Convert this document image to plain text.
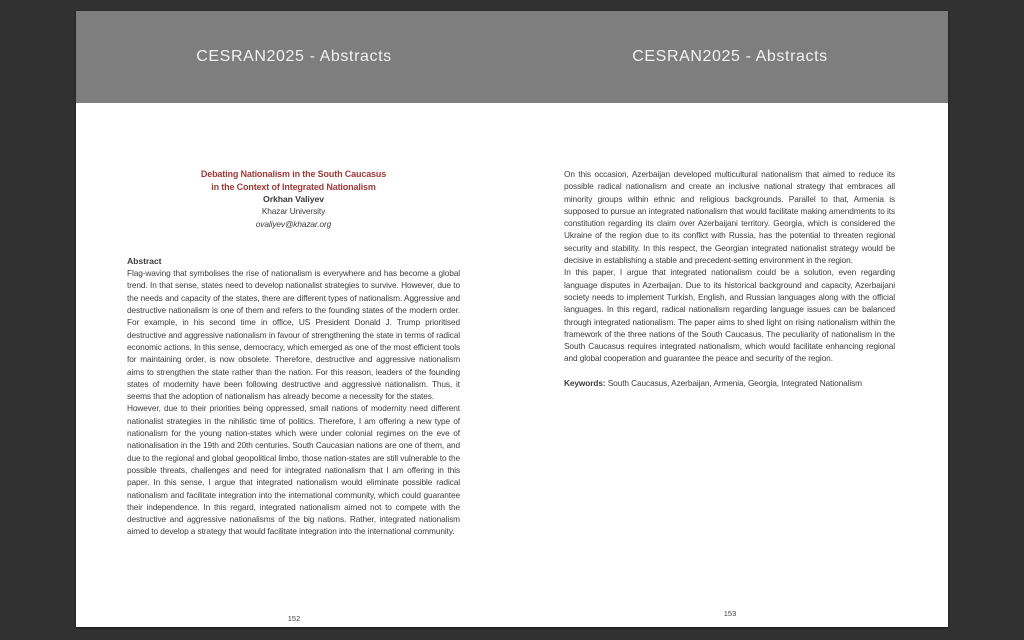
CESRAN2025 - Abstracts	CESRAN2025 - Abstracts
Debating Nationalism in the South Caucasus
in the Context of Integrated Nationalism
Orkhan Valiyev
Khazar University
ovaliyev@khazar.org
Abstract

Flag-waving that symbolises the rise of nationalism is everywhere and has become a global trend. In that sense, states need to develop nationalist strategies to survive. However, due to the needs and capacity of the states, there are different types of nationalism. Aggressive and destructive nationalism is one of them and refers to the founding states of the modern order. For example, in his second time in office, US President Donald J. Trump prioritised destructive and aggressive nationalism in favour of strengthening the state in terms of radical economic actions. In this sense, democracy, which emerged as one of the most efficient tools for maintaining order, is now obsolete. Therefore, destructive and aggressive nationalism aims to strengthen the state rather than the nation. For this reason, leaders of the founding states of modernity have been following destructive and aggressive nationalism. Thus, it seems that the adoption of nationalism has already become a necessity for the states.

However, due to their priorities being oppressed, small nations of modernity need different nationalist strategies in the nihilistic time of politics. Therefore, I am offering a new type of nationalism for the young nation-states which were under colonial regimes on the eve of nationalisation in the 19th and 20th centuries. South Caucasian nations are one of them, and due to the regional and global geopolitical limbo, those nation-states are still vulnerable to the possible threats, challenges and need for integrated nationalism that I am offering in this paper. In this sense, I argue that integrated nationalism would eliminate possible radical nationalism and facilitate integration into the international community, which could guarantee their independence. In this regard, integrated nationalism aimed not to compete with the destructive and aggressive nationalisms of the big nations. Rather, integrated nationalism aimed to develop a strategy that would facilitate integration into the international community.

On this occasion, Azerbaijan developed multicultural nationalism that aimed to reduce its possible radical nationalism and create an inclusive national strategy that embraces all minority groups within ethnic and religious backgrounds. Parallel to that, Armenia is supposed to pursue an integrated nationalism that would facilitate making amendments to its constitution regarding its claim over Azerbaijani territory. Georgia, which is considered the Ukraine of the region due to its conflict with Russia, has the potential to threaten regional security and stability. In this respect, the Georgian integrated nationalist strategy would be decisive in establishing a stable and precedent-setting environment in the region.

In this paper, I argue that integrated nationalism could be a solution, even regarding language disputes in Azerbaijan. Due to its historical background and capacity, Azerbaijani society needs to implement Turkish, English, and Russian languages along with the official languages. In this regard, radical nationalism regarding language issues can be balanced through integrated nationalism. The paper aims to shed light on rising nationalism within the framework of the three nations of the South Caucasus. The peculiarity of nationalism in the South Caucasus requires integrated nationalism, which would facilitate enhancing regional and global cooperation and guarantee the peace and security of the region.

Keywords: South Caucasus, Azerbaijan, Armenia, Georgia, Integrated Nationalism

152
153
